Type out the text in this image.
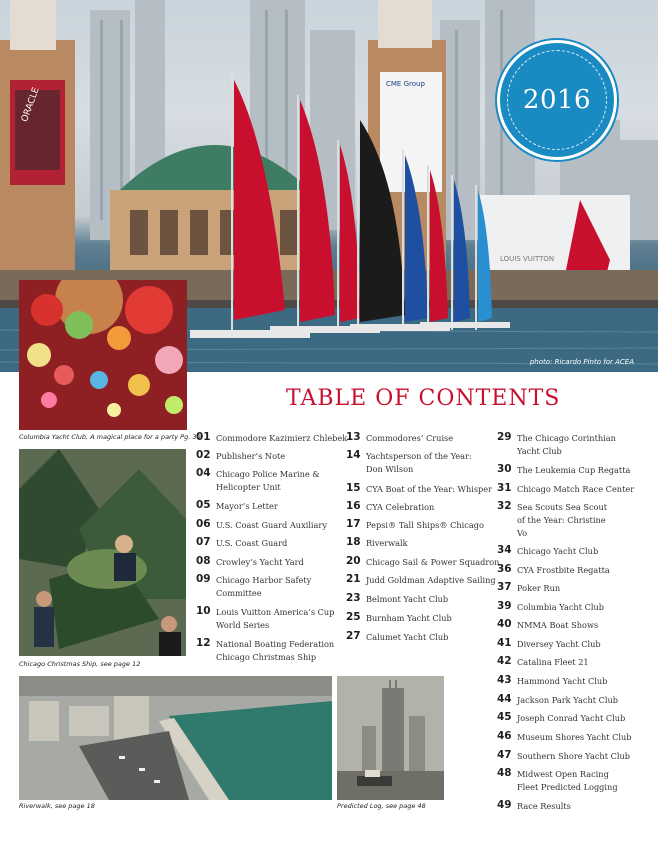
CME Group
LOUIS VUITTON
ORACLE
photo: Ricardo Pinto for ACEA
2016
Columbia Yacht Club, A magical place for a party Pg. 30
Chicago Christmas Ship, see page 12
Riverwalk, see page 18	Predicted Log, see page 48
TABLE OF CONTENTS
01 Commodore Kazimierz Chlebek
02 Publisher’s Note
04 Chicago Police Marine & Helicopter Unit
05 Mayor’s Letter
06 U.S. Coast Guard Auxiliary
07 U.S. Coast Guard
08 Crowley’s Yacht Yard
09 Chicago Harbor Safety Committee
10 Louis Vuitton America’s Cup World Series
12 National Boating Federation Chicago Christmas Ship
13 Commodores’ Cruise
14 Yachtsperson of the Year: Don Wilson
15 CYA Boat of the Year: Whisper
16 CYA Celebration
17 Pepsi® Tall Ships® Chicago
18 Riverwalk
20 Chicago Sail & Power Squadron
21 Judd Goldman Adaptive Sailing
23 Belmont Yacht Club
25 Burnham Yacht Club
27 Calumet Yacht Club
29 The Chicago Corinthian Yacht Club
30 The Leukemia Cup Regatta
31 Chicago Match Race Center
32 Sea Scouts Sea Scout of the Year: Christine Vo
34 Chicago Yacht Club
36 CYA Frostbite Regatta
37 Poker Run
39 Columbia Yacht Club
40 NMMA Boat Shows
41 Diversey Yacht Club
42 Catalina Fleet 21
43 Hammond Yacht Club
44 Jackson Park Yacht Club
45 Joseph Conrad Yacht Club
46 Museum Shores Yacht Club
47 Southern Shore Yacht Club
48 Midwest Open Racing Fleet Predicted Logging
49 Race Results
